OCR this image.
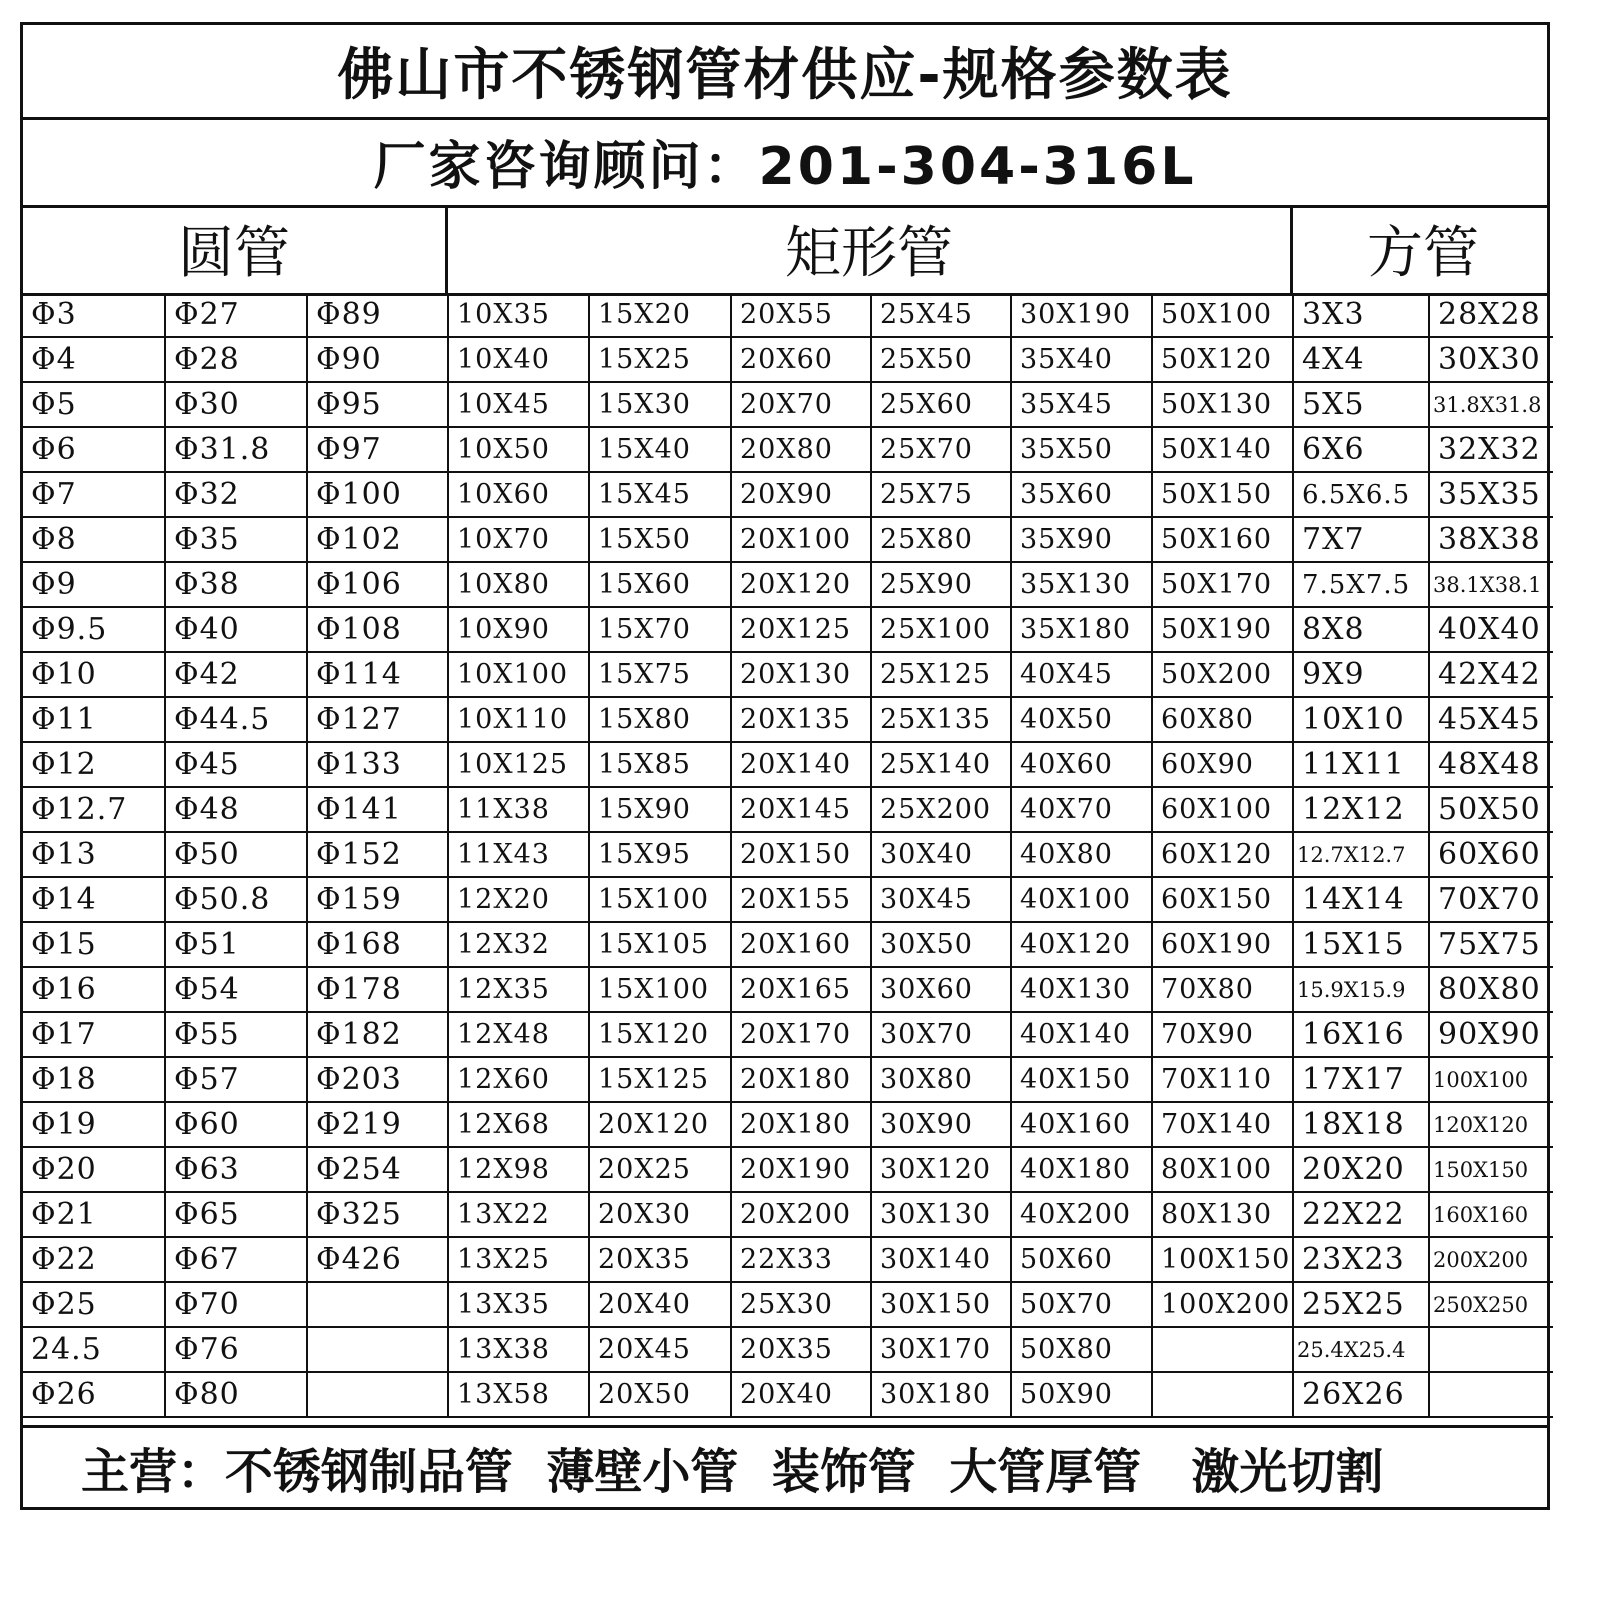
佛山市不锈钢管材供应-规格参数表
厂家咨询顾问：201-304-316L
圆管	矩形管	方管
Φ3	Φ27	Φ89	10X35	15X20	20X55	25X45	30X190	50X100	3X3	28X28
Φ4	Φ28	Φ90	10X40	15X25	20X60	25X50	35X40	50X120	4X4	30X30
Φ5	Φ30	Φ95	10X45	15X30	20X70	25X60	35X45	50X130	5X5	31.8X31.8
Φ6	Φ31.8	Φ97	10X50	15X40	20X80	25X70	35X50	50X140	6X6	32X32
Φ7	Φ32	Φ100	10X60	15X45	20X90	25X75	35X60	50X150	6.5X6.5	35X35
Φ8	Φ35	Φ102	10X70	15X50	20X100	25X80	35X90	50X160	7X7	38X38
Φ9	Φ38	Φ106	10X80	15X60	20X120	25X90	35X130	50X170	7.5X7.5	38.1X38.1
Φ9.5	Φ40	Φ108	10X90	15X70	20X125	25X100	35X180	50X190	8X8	40X40
Φ10	Φ42	Φ114	10X100	15X75	20X130	25X125	40X45	50X200	9X9	42X42
Φ11	Φ44.5	Φ127	10X110	15X80	20X135	25X135	40X50	60X80	10X10	45X45
Φ12	Φ45	Φ133	10X125	15X85	20X140	25X140	40X60	60X90	11X11	48X48
Φ12.7	Φ48	Φ141	11X38	15X90	20X145	25X200	40X70	60X100	12X12	50X50
Φ13	Φ50	Φ152	11X43	15X95	20X150	30X40	40X80	60X120	12.7X12.7	60X60
Φ14	Φ50.8	Φ159	12X20	15X100	20X155	30X45	40X100	60X150	14X14	70X70
Φ15	Φ51	Φ168	12X32	15X105	20X160	30X50	40X120	60X190	15X15	75X75
Φ16	Φ54	Φ178	12X35	15X100	20X165	30X60	40X130	70X80	15.9X15.9	80X80
Φ17	Φ55	Φ182	12X48	15X120	20X170	30X70	40X140	70X90	16X16	90X90
Φ18	Φ57	Φ203	12X60	15X125	20X180	30X80	40X150	70X110	17X17	100X100
Φ19	Φ60	Φ219	12X68	20X120	20X180	30X90	40X160	70X140	18X18	120X120
Φ20	Φ63	Φ254	12X98	20X25	20X190	30X120	40X180	80X100	20X20	150X150
Φ21	Φ65	Φ325	13X22	20X30	20X200	30X130	40X200	80X130	22X22	160X160
Φ22	Φ67	Φ426	13X25	20X35	22X33	30X140	50X60	100X150	23X23	200X200
Φ25	Φ70		13X35	20X40	25X30	30X150	50X70	100X200	25X25	250X250
24.5	Φ76		13X38	20X45	20X35	30X170	50X80		25.4X25.4	
Φ26	Φ80		13X58	20X50	20X40	30X180	50X90		26X26	
主营：不锈钢制品管  薄壁小管  装饰管  大管厚管   激光切割
